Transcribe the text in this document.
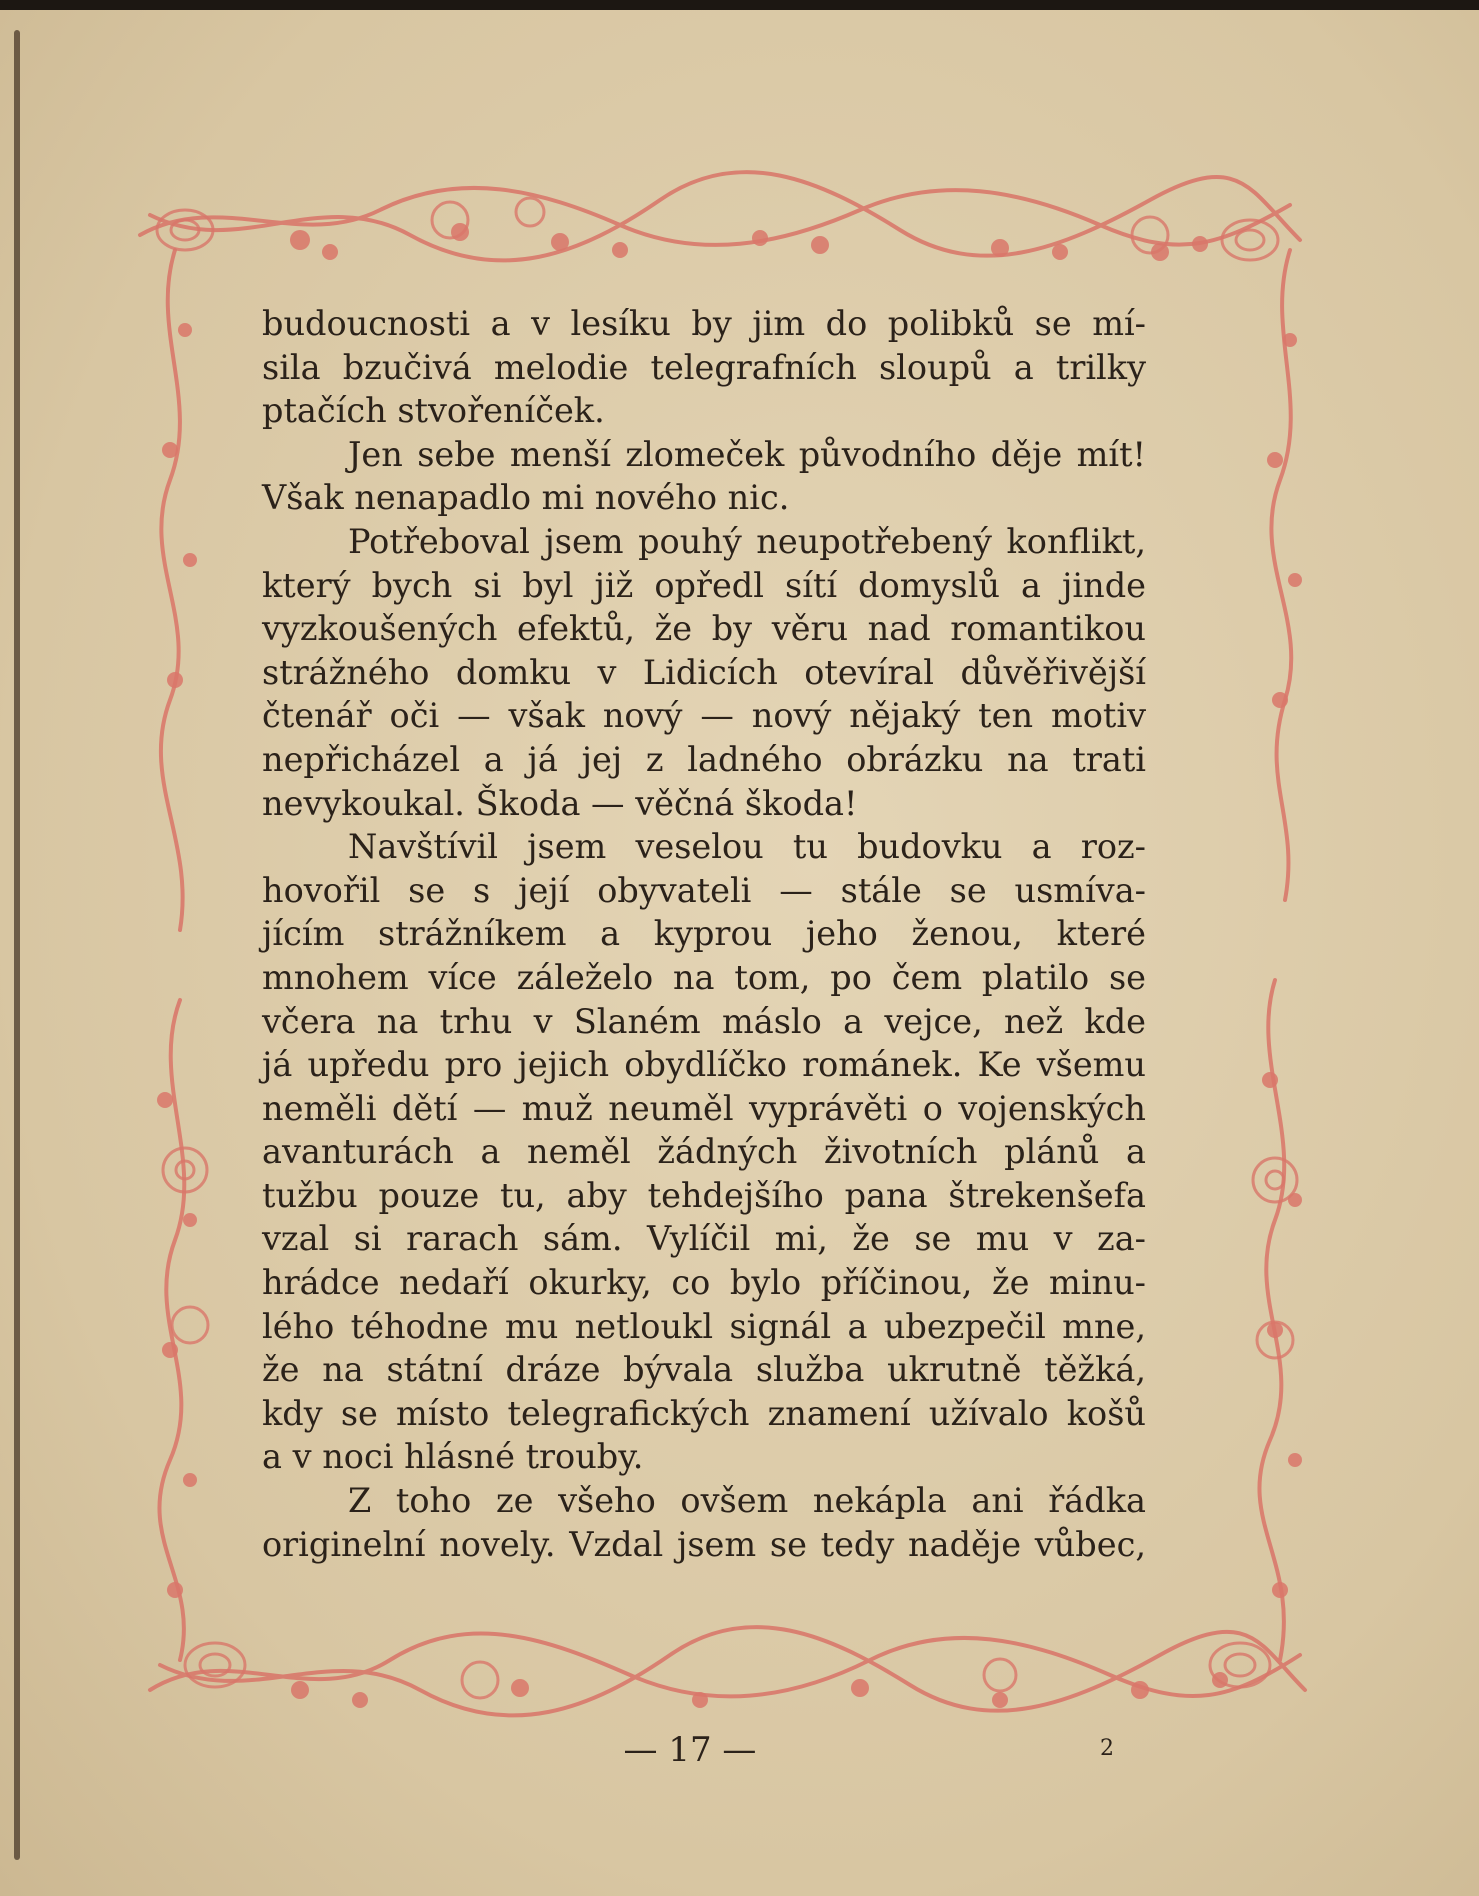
budoucnosti a v lesíku by jim do polibků se mí-
sila bzučivá melodie telegrafních sloupů a trilky
ptačích stvořeníček.
Jen sebe menší zlomeček původního děje mít!
Však nenapadlo mi nového nic.
Potřeboval jsem pouhý neupotřebený konflikt,
který bych si byl již opředl sítí domyslů a jinde
vyzkoušených efektů, že by věru nad romantikou
strážného domku v Lidicích otevíral důvěřivější
čtenář oči — však nový — nový nějaký ten motiv
nepřicházel a já jej z ladného obrázku na trati
nevykoukal. Škoda — věčná škoda!
Navštívil jsem veselou tu budovku a roz-
hovořil se s její obyvateli — stále se usmíva-
jícím strážníkem a kyprou jeho ženou, které
mnohem více záleželo na tom, po čem platilo se
včera na trhu v Slaném máslo a vejce, než kde
já upředu pro jejich obydlíčko románek. Ke všemu
neměli dětí — muž neuměl vyprávěti o vojenských
avanturách a neměl žádných životních plánů a
tužbu pouze tu, aby tehdejšího pana štrekenšefa
vzal si rarach sám. Vylíčil mi, že se mu v za-
hrádce nedaří okurky, co bylo příčinou, že minu-
lého téhodne mu netloukl signál a ubezpečil mne,
že na státní dráze bývala služba ukrutně těžká,
kdy se místo telegrafických znamení užívalo košů
a v noci hlásné trouby.
Z toho ze všeho ovšem nekápla ani řádka
originelní novely. Vzdal jsem se tedy naděje vůbec,
— 17 —	2
